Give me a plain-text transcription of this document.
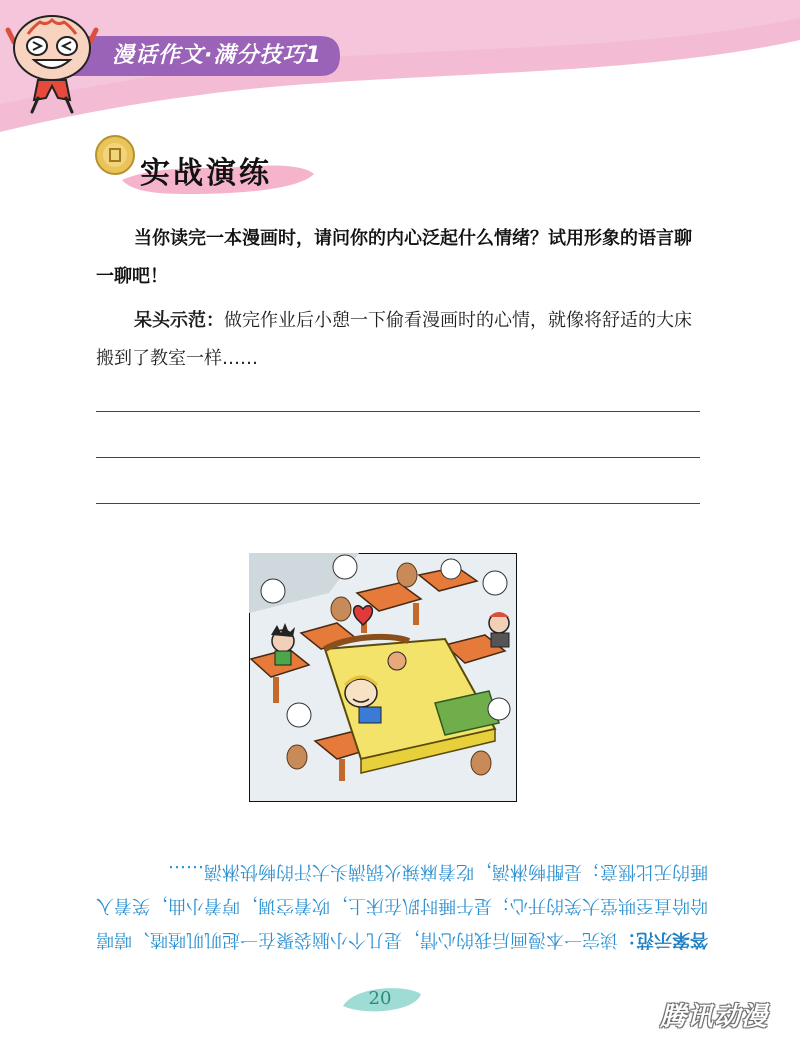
漫话作文·满分技巧1
实战演练
当你读完一本漫画时，请问你的内心泛起什么情绪？试用形象的语言聊一聊吧！
呆头示范：做完作业后小憩一下偷看漫画时的心情，就像将舒适的大床搬到了教室一样……
答案示范：读完一本漫画后我的心情，是几个小脑袋聚在一起叽叽喳喳、嘻嘻哈哈直至哄堂大笑的开心；是午睡时趴在床上，吹着空调，哼着小曲，笑着入睡的无比惬意；是酣畅淋漓，吃着麻辣火锅满头大汗的畅快淋漓……
20
腾讯动漫
